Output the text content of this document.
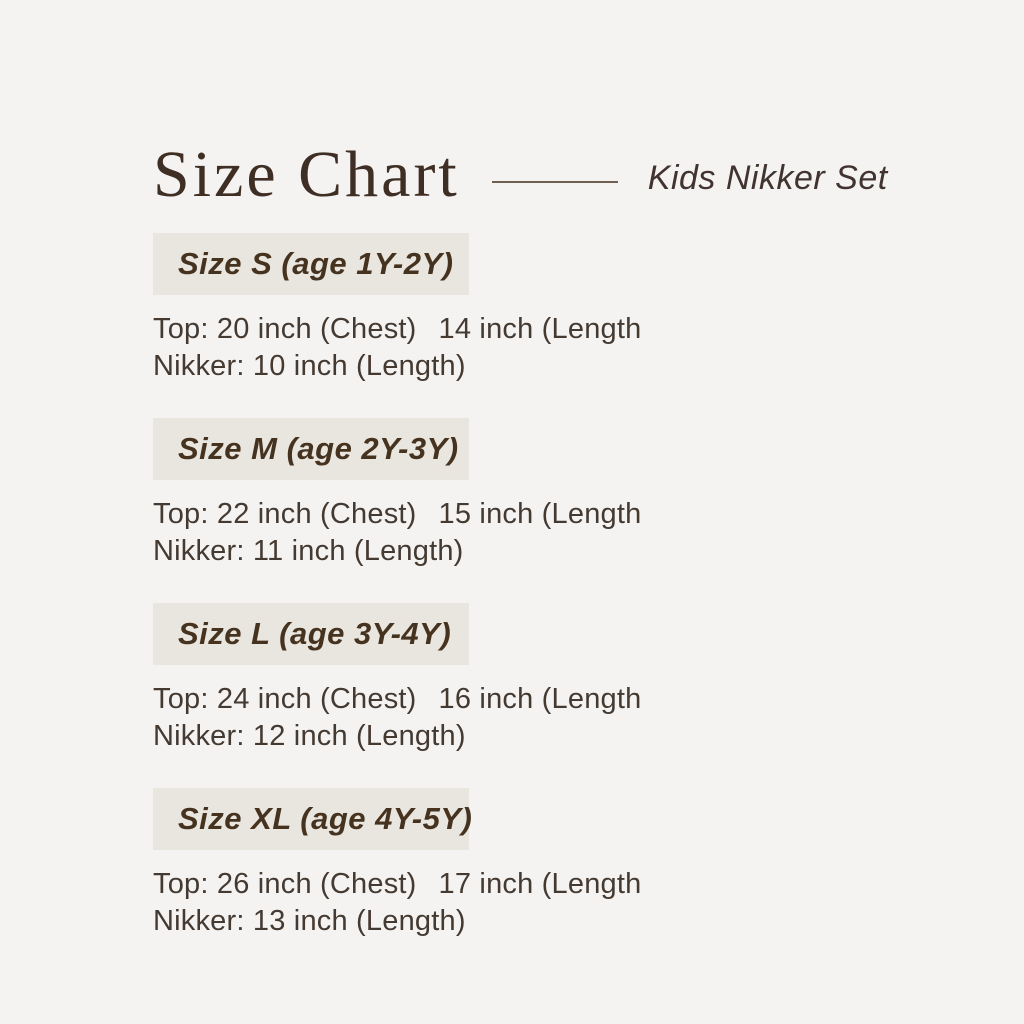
Size Chart	Kids Nikker Set
Size S (age 1Y-2Y)
Top: 20 inch (Chest) 14 inch (Length
Nikker: 10 inch (Length)
Size M (age 2Y-3Y)
Top: 22 inch (Chest) 15 inch (Length
Nikker: 11 inch (Length)
Size L (age 3Y-4Y)
Top: 24 inch (Chest) 16 inch (Length
Nikker: 12 inch (Length)
Size XL (age 4Y-5Y)
Top: 26 inch (Chest) 17 inch (Length
Nikker: 13 inch (Length)
